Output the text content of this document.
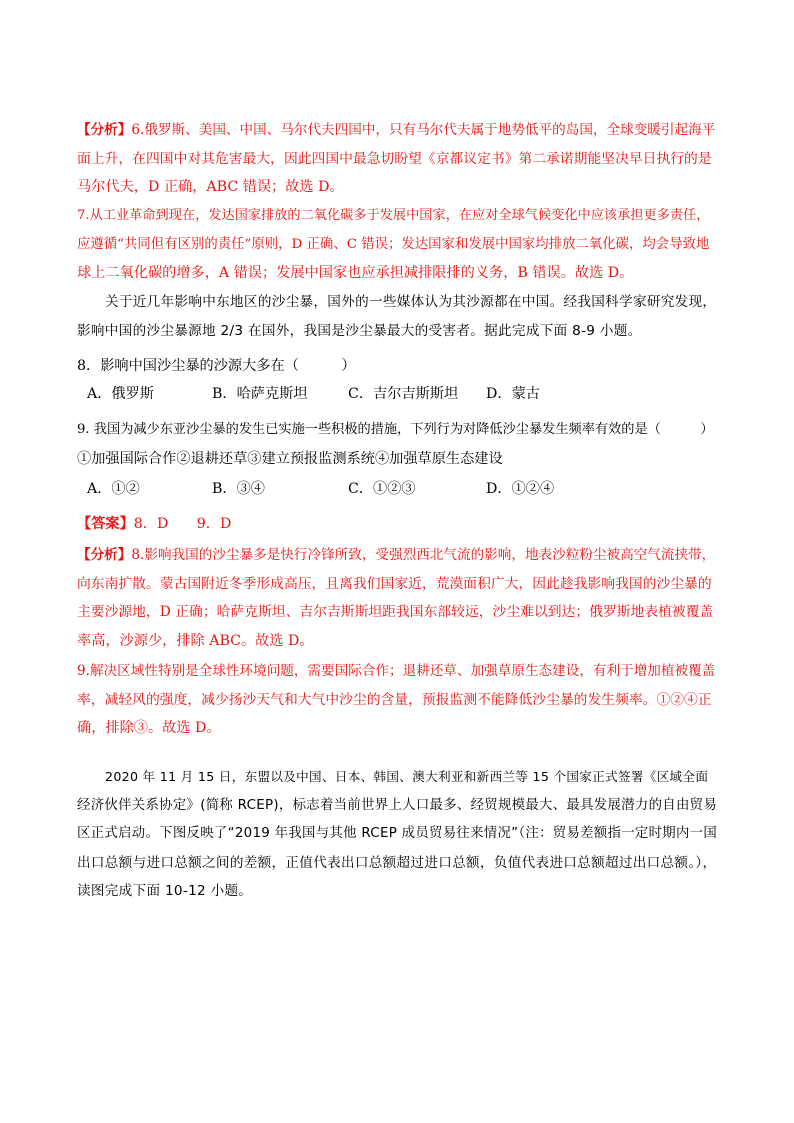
【分析】6.俄罗斯、美国、中国、马尔代夫四国中，只有马尔代夫属于地势低平的岛国，全球变暖引起海平
面上升，在四国中对其危害最大，因此四国中最急切盼望《京都议定书》第二承诺期能坚决早日执行的是
马尔代夫，D 正确，ABC 错误；故选 D。
7.从工业革命到现在，发达国家排放的二氧化碳多于发展中国家，在应对全球气候变化中应该承担更多责任，
应遵循“共同但有区别的责任”原则，D 正确、C 错误；发达国家和发展中国家均排放二氧化碳，均会导致地
球上二氧化碳的增多，A 错误；发展中国家也应承担减排限排的义务，B 错误。故选 D。
关于近几年影响中东地区的沙尘暴，国外的一些媒体认为其沙源都在中国。经我国科学家研究发现，
影响中国的沙尘暴源地 2/3 在国外，我国是沙尘暴最大的受害者。据此完成下面 8-9 小题。
8．影响中国沙尘暴的沙源大多在（　　　）
A．俄罗斯	B．哈萨克斯坦	C．吉尔吉斯斯坦 D．蒙古
9. 我国为减少东亚沙尘暴的发生已实施一些积极的措施，下列行为对降低沙尘暴发生频率有效的是（　　　）
①加强国际合作②退耕还草③建立预报监测系统④加强草原生态建设
A．①②	B．③④	C．①②③	D．①②④
【答案】8．D　　9．D
【分析】8.影响我国的沙尘暴多是快行冷锋所致，受强烈西北气流的影响，地表沙粒粉尘被高空气流挟带，
向东南扩散。蒙古国附近冬季形成高压，且离我们国家近，荒漠面积广大，因此趁我影响我国的沙尘暴的
主要沙源地，D 正确；哈萨克斯坦、吉尔吉斯斯坦距我国东部较远，沙尘难以到达；俄罗斯地表植被覆盖
率高，沙源少，排除 ABC。故选 D。
9.解决区域性特别是全球性环境问题，需要国际合作；退耕还草、加强草原生态建设，有利于增加植被覆盖
率，减轻风的强度，减少扬沙天气和大气中沙尘的含量，预报监测不能降低沙尘暴的发生频率。①②④正
确，排除③。故选 D。
2020 年 11 月 15 日，东盟以及中国、日本、韩国、澳大利亚和新西兰等 15 个国家正式签署《区域全面
经济伙伴关系协定》(简称 RCEP)，标志着当前世界上人口最多、经贸规模最大、最具发展潜力的自由贸易
区正式启动。下图反映了“2019 年我国与其他 RCEP 成员贸易往来情况”（注：贸易差额指一定时期内一国
出口总额与进口总额之间的差额，正值代表出口总额超过进口总额，负值代表进口总额超过出口总额。），
读图完成下面 10-12 小题。
